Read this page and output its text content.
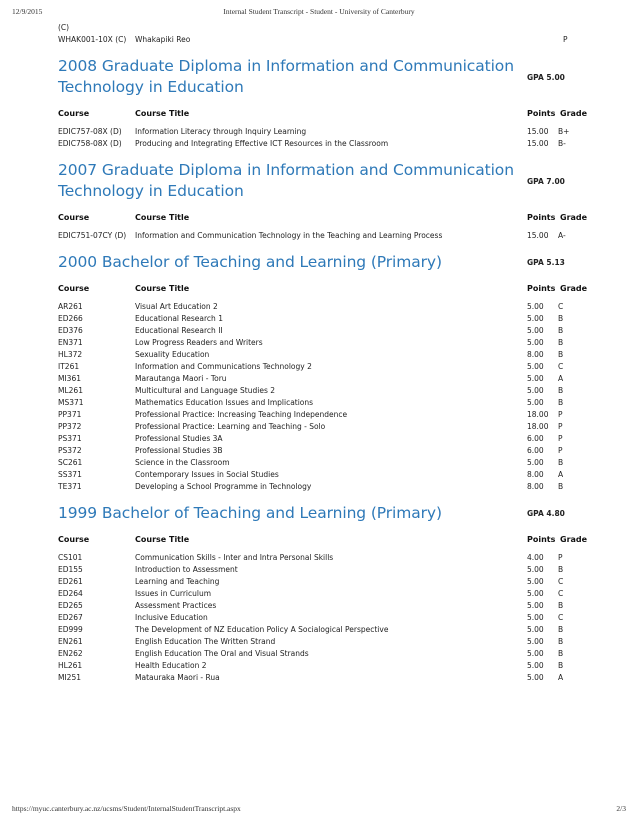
12/9/2015	Internal Student Transcript - Student - University of Canterbury
(C)
WHAK001-10X (C) Whakapiki Reo	P
2008 Graduate Diploma in Information and Communication Technology in Education
GPA 5.00
Course	Course Title	Points Grade
EDIC757-08X (D) Information Literacy through Inquiry Learning	15.00 B+
EDIC758-08X (D) Producing and Integrating Effective ICT Resources in the Classroom	15.00 B-
2007 Graduate Diploma in Information and Communication Technology in Education
GPA 7.00
Course	Course Title	Points Grade
EDIC751-07CY (D) Information and Communication Technology in the Teaching and Learning Process	15.00 A-
2000 Bachelor of Teaching and Learning (Primary)	GPA 5.13
Course	Course Title	Points Grade
AR261	Visual Art Education 2	5.00 C
ED266	Educational Research 1	5.00 B
ED376	Educational Research II	5.00 B
EN371	Low Progress Readers and Writers	5.00 B
HL372	Sexuality Education	8.00 B
IT261	Information and Communications Technology 2	5.00 C
MI361	Marautanga Maori - Toru	5.00 A
ML261	Multicultural and Language Studies 2	5.00 B
MS371	Mathematics Education Issues and Implications	5.00 B
PP371	Professional Practice: Increasing Teaching Independence	18.00 P
PP372	Professional Practice: Learning and Teaching - Solo	18.00 P
PS371	Professional Studies 3A	6.00 P
PS372	Professional Studies 3B	6.00 P
SC261	Science in the Classroom	5.00 B
SS371	Contemporary Issues in Social Studies	8.00 A
TE371	Developing a School Programme in Technology	8.00 B
1999 Bachelor of Teaching and Learning (Primary)	GPA 4.80
Course	Course Title	Points Grade
CS101	Communication Skills - Inter and Intra Personal Skills	4.00 P
ED155	Introduction to Assessment	5.00 B
ED261	Learning and Teaching	5.00 C
ED264	Issues in Curriculum	5.00 C
ED265	Assessment Practices	5.00 B
ED267	Inclusive Education	5.00 C
ED999	The Development of NZ Education Policy A Socialogical Perspective	5.00 B
EN261	English Education The Written Strand	5.00 B
EN262	English Education The Oral and Visual Strands	5.00 B
HL261	Health Education 2	5.00 B
MI251	Matauraka Maori - Rua	5.00 A
https://myuc.canterbury.ac.nz/ucsms/Student/InternalStudentTranscript.aspx	2/3
